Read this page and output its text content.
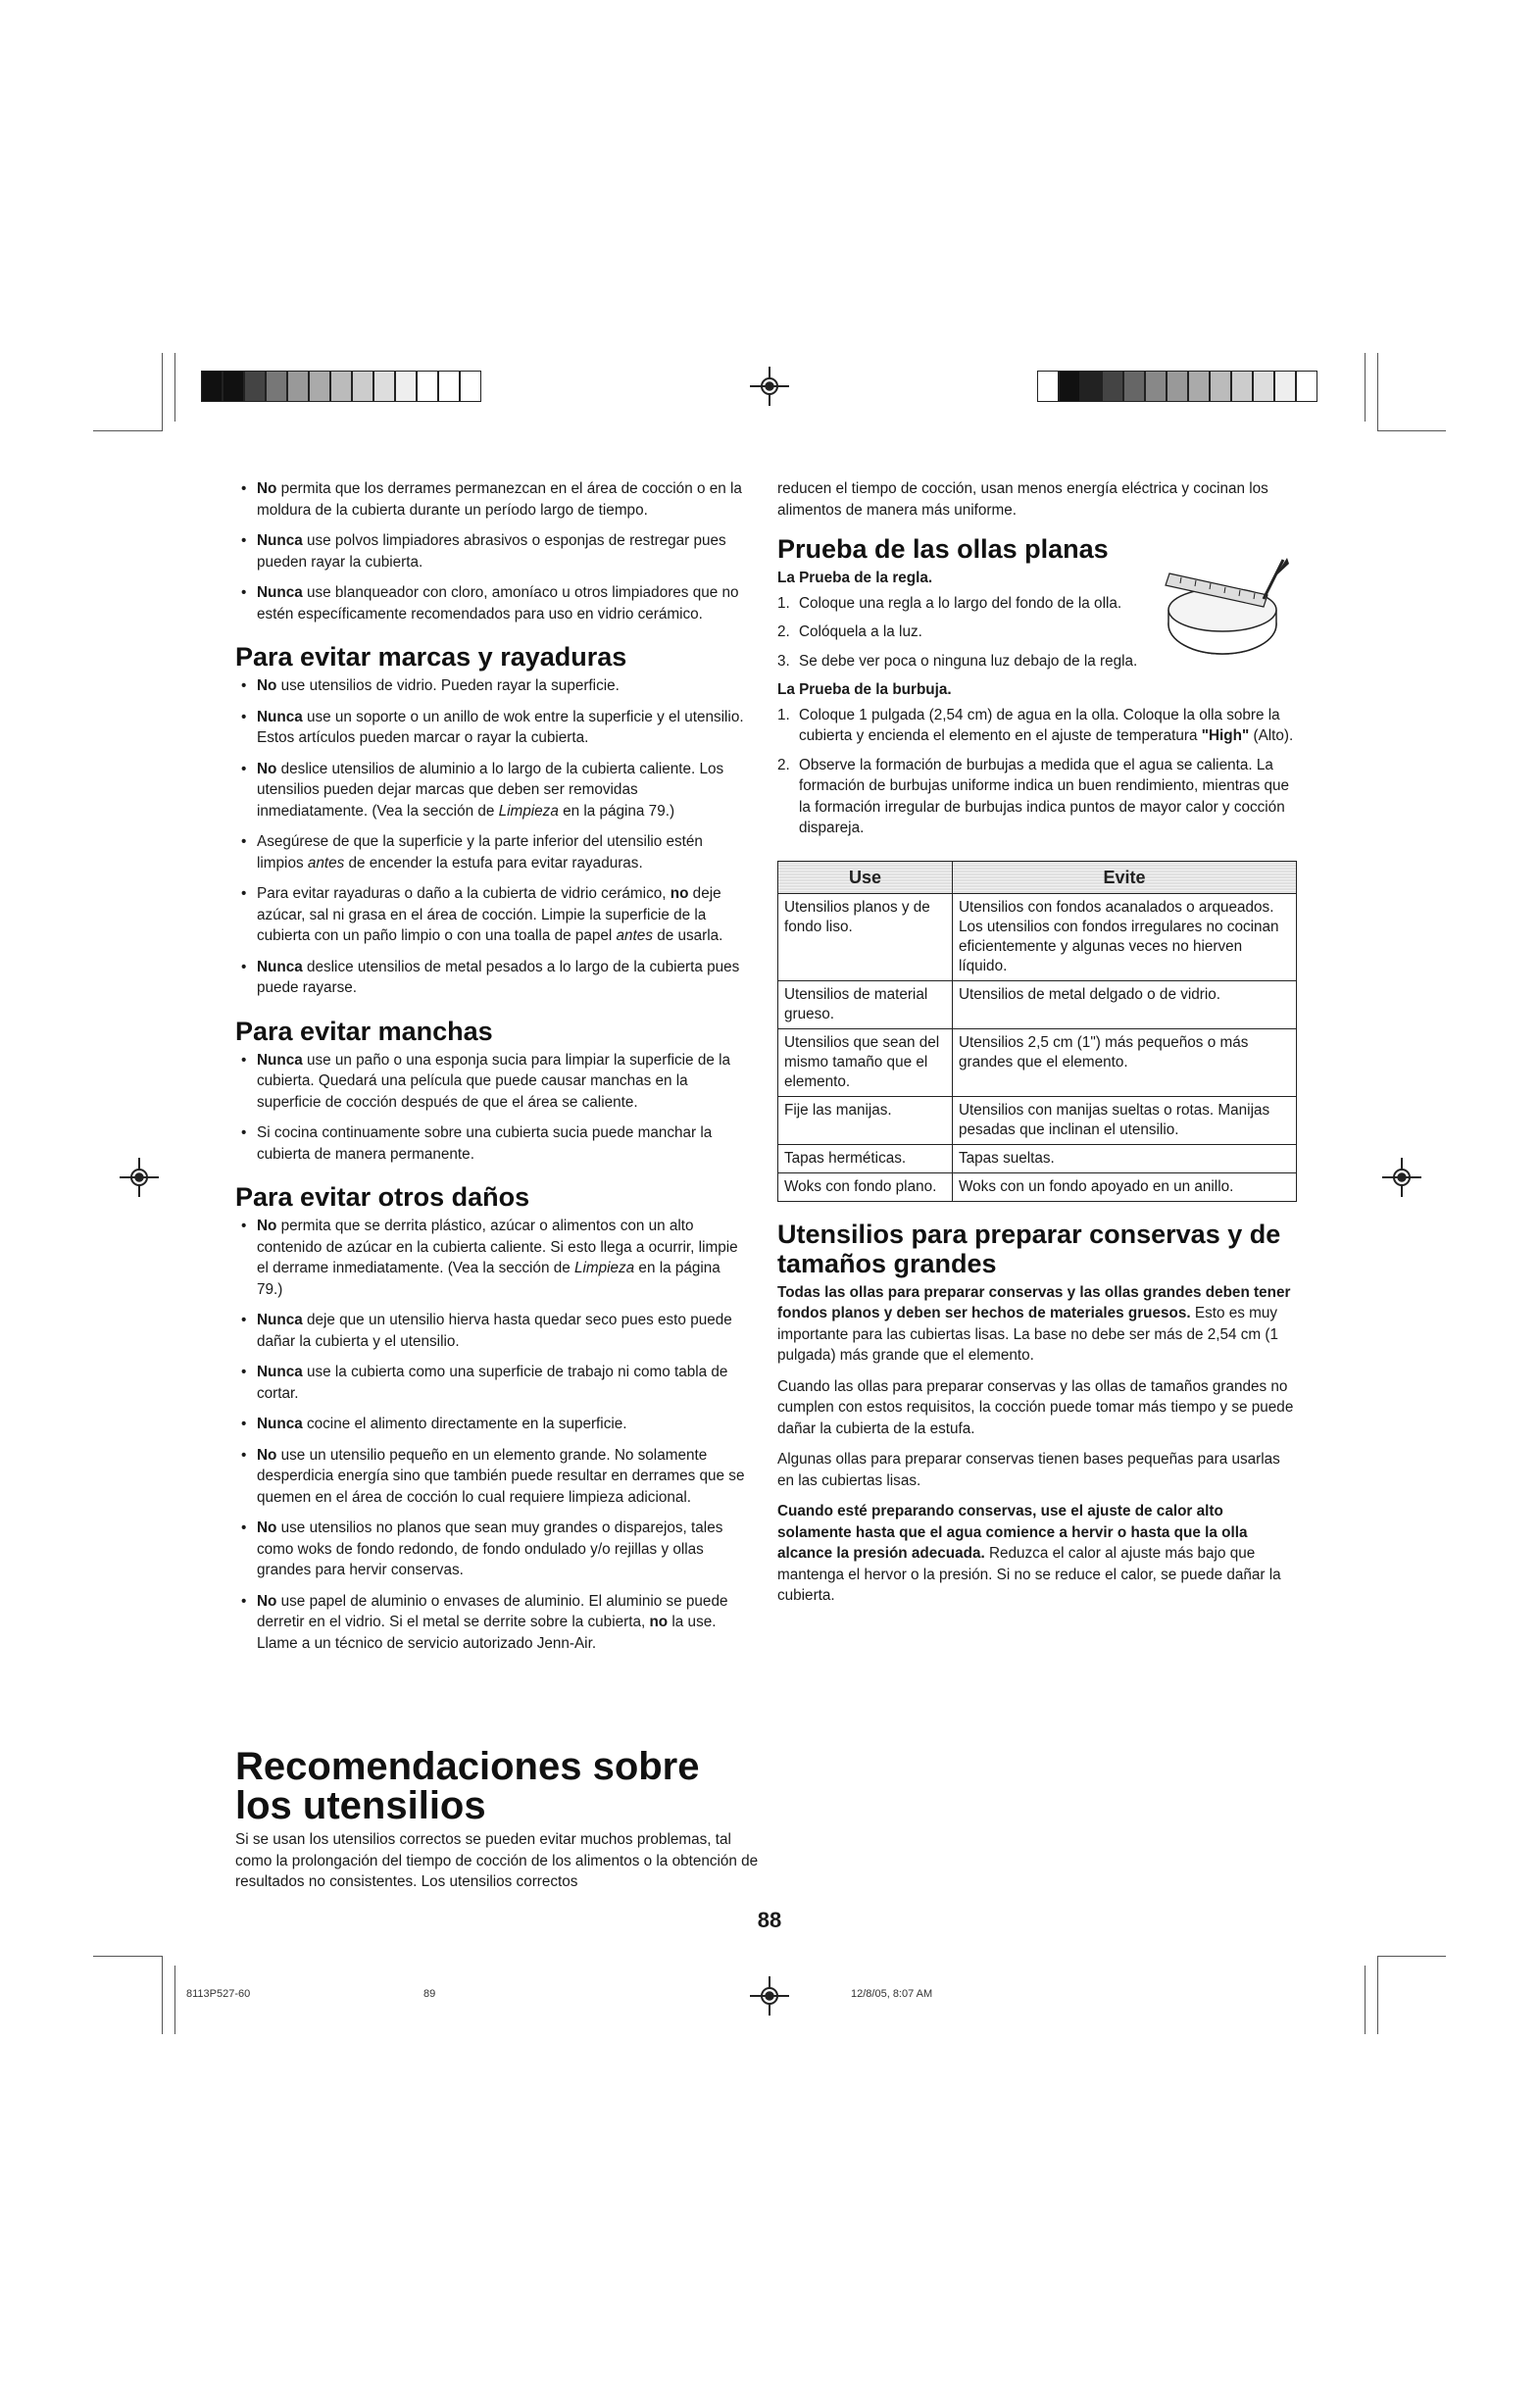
• No permita que los derrames permanezcan en el área de cocción o en la moldura de la cubierta durante un período largo de tiempo.
• Nunca use polvos limpiadores abrasivos o esponjas de restregar pues pueden rayar la cubierta.
• Nunca use blanqueador con cloro, amoníaco u otros limpiadores que no estén específicamente recomendados para uso en vidrio cerámico.
Para evitar marcas y rayaduras
• No use utensilios de vidrio. Pueden rayar la superficie.
• Nunca use un soporte o un anillo de wok entre la superficie y el utensilio. Estos artículos pueden marcar o rayar la cubierta.
• No deslice utensilios de aluminio a lo largo de la cubierta caliente. Los utensilios pueden dejar marcas que deben ser removidas inmediatamente. (Vea la sección de Limpieza en la página 79.)
• Asegúrese de que la superficie y la parte inferior del utensilio estén limpios antes de encender la estufa para evitar rayaduras.
• Para evitar rayaduras o daño a la cubierta de vidrio cerámico, no deje azúcar, sal ni grasa en el área de cocción. Limpie la superficie de la cubierta con un paño limpio o con una toalla de papel antes de usarla.
• Nunca deslice utensilios de metal pesados a lo largo de la cubierta pues puede rayarse.
Para evitar manchas
• Nunca use un paño o una esponja sucia para limpiar la superficie de la cubierta. Quedará una película que puede causar manchas en la superficie de cocción después de que el área se caliente.
• Si cocina continuamente sobre una cubierta sucia puede manchar la cubierta de manera permanente.
Para evitar otros daños
• No permita que se derrita plástico, azúcar o alimentos con un alto contenido de azúcar en la cubierta caliente. Si esto llega a ocurrir, limpie el derrame inmediatamente. (Vea la sección de Limpieza en la página 79.)
• Nunca deje que un utensilio hierva hasta quedar seco pues esto puede dañar la cubierta y el utensilio.
• Nunca use la cubierta como una superficie de trabajo ni como tabla de cortar.
• Nunca cocine el alimento directamente en la superficie.
• No use un utensilio pequeño en un elemento grande. No solamente desperdicia energía sino que también puede resultar en derrames que se quemen en el área de cocción lo cual requiere limpieza adicional.
• No use utensilios no planos que sean muy grandes o disparejos, tales como woks de fondo redondo, de fondo ondulado y/o rejillas y ollas grandes para hervir conservas.
• No use papel de aluminio o envases de aluminio. El aluminio se puede derretir en el vidrio. Si el metal se derrite sobre la cubierta, no la use. Llame a un técnico de servicio autorizado Jenn-Air.
Recomendaciones sobre
los utensilios
Si se usan los utensilios correctos se pueden evitar muchos problemas, tal como la prolongación del tiempo de cocción de los alimentos o la obtención de resultados no consistentes. Los utensilios correctos

reducen el tiempo de cocción, usan menos energía eléctrica y cocinan los alimentos de manera más uniforme.

Prueba de las ollas planas
La Prueba de la regla.
1. Coloque una regla a lo largo del fondo de la olla.
2. Colóquela a la luz.
3. Se debe ver poca o ninguna luz debajo de la regla.
La Prueba de la burbuja.
1. Coloque 1 pulgada (2,54 cm) de agua en la olla. Coloque la olla sobre la cubierta y encienda el elemento en el ajuste de temperatura "High" (Alto).
2. Observe la formación de burbujas a medida que el agua se calienta. La formación de burbujas uniforme indica un buen rendimiento, mientras que la formación irregular de burbujas indica puntos de mayor calor y cocción dispareja.
Use	Evite
Utensilios planos y de fondo liso.	Utensilios con fondos acanalados o arqueados. Los utensilios con fondos irregulares no cocinan eficientemente y algunas veces no hierven líquido.
Utensilios de material grueso.	Utensilios de metal delgado o de vidrio.
Utensilios que sean del mismo tamaño que el elemento.	Utensilios 2,5 cm (1") más pequeños o más grandes que el elemento.
Fije las manijas.	Utensilios con manijas sueltas o rotas. Manijas pesadas que inclinan el utensilio.
Tapas herméticas.	Tapas sueltas.
Woks con fondo plano.	Woks con un fondo apoyado en un anillo.
Utensilios para preparar conservas y de tamaños grandes

Todas las ollas para preparar conservas y las ollas grandes deben tener fondos planos y deben ser hechos de materiales gruesos. Esto es muy importante para las cubiertas lisas. La base no debe ser más de 2,54 cm (1 pulgada) más grande que el elemento.

Cuando las ollas para preparar conservas y las ollas de tamaños grandes no cumplen con estos requisitos, la cocción puede tomar más tiempo y se puede dañar la cubierta de la estufa.

Algunas ollas para preparar conservas tienen bases pequeñas para usarlas en las cubiertas lisas.

Cuando esté preparando conservas, use el ajuste de calor alto solamente hasta que el agua comience a hervir o hasta que la olla alcance la presión adecuada. Reduzca el calor al ajuste más bajo que mantenga el hervor o la presión. Si no se reduce el calor, se puede dañar la cubierta.

88
8113P527-60	89	12/8/05, 8:07 AM
